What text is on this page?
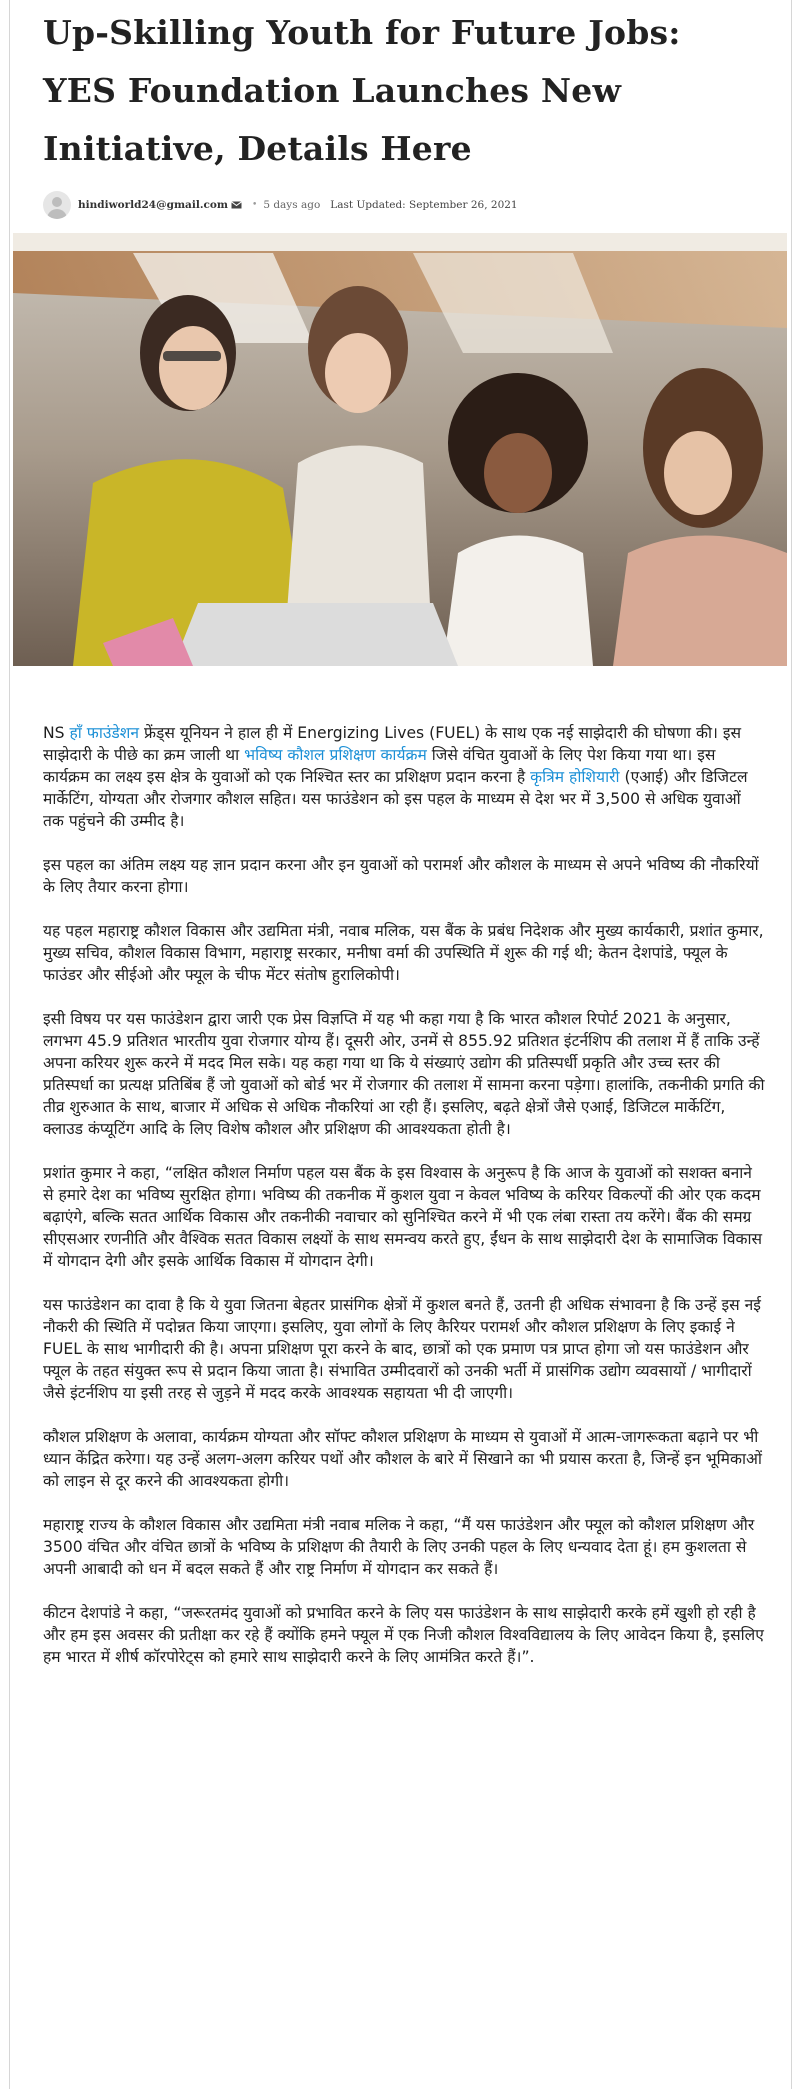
Up-Skilling Youth for Future Jobs: YES Foundation Launches New Initiative, Details Here
hindiworld24@gmail.com	• 5 days ago Last Updated: September 26, 2021

NS हाँ फाउंडेशन फ्रेंड्स यूनियन ने हाल ही में Energizing Lives (FUEL) के साथ एक नई साझेदारी की घोषणा की। इस साझेदारी के पीछे का क्रम जाली था भविष्य कौशल प्रशिक्षण कार्यक्रम जिसे वंचित युवाओं के लिए पेश किया गया था। इस कार्यक्रम का लक्ष्य इस क्षेत्र के युवाओं को एक निश्चित स्तर का प्रशिक्षण प्रदान करना है कृत्रिम होशियारी (एआई) और डिजिटल मार्केटिंग, योग्यता और रोजगार कौशल सहित। यस फाउंडेशन को इस पहल के माध्यम से देश भर में 3,500 से अधिक युवाओं तक पहुंचने की उम्मीद है।

इस पहल का अंतिम लक्ष्य यह ज्ञान प्रदान करना और इन युवाओं को परामर्श और कौशल के माध्यम से अपने भविष्य की नौकरियों के लिए तैयार करना होगा।

यह पहल महाराष्ट्र कौशल विकास और उद्यमिता मंत्री, नवाब मलिक, यस बैंक के प्रबंध निदेशक और मुख्य कार्यकारी, प्रशांत कुमार, मुख्य सचिव, कौशल विकास विभाग, महाराष्ट्र सरकार, मनीषा वर्मा की उपस्थिति में शुरू की गई थी; केतन देशपांडे, फ्यूल के फाउंडर और सीईओ और फ्यूल के चीफ मेंटर संतोष हुरालिकोपी।

इसी विषय पर यस फाउंडेशन द्वारा जारी एक प्रेस विज्ञप्ति में यह भी कहा गया है कि भारत कौशल रिपोर्ट 2021 के अनुसार, लगभग 45.9 प्रतिशत भारतीय युवा रोजगार योग्य हैं। दूसरी ओर, उनमें से 855.92 प्रतिशत इंटर्नशिप की तलाश में हैं ताकि उन्हें अपना करियर शुरू करने में मदद मिल सके। यह कहा गया था कि ये संख्याएं उद्योग की प्रतिस्पर्धी प्रकृति और उच्च स्तर की प्रतिस्पर्धा का प्रत्यक्ष प्रतिबिंब हैं जो युवाओं को बोर्ड भर में रोजगार की तलाश में सामना करना पड़ेगा। हालांकि, तकनीकी प्रगति की तीव्र शुरुआत के साथ, बाजार में अधिक से अधिक नौकरियां आ रही हैं। इसलिए, बढ़ते क्षेत्रों जैसे एआई, डिजिटल मार्केटिंग, क्लाउड कंप्यूटिंग आदि के लिए विशेष कौशल और प्रशिक्षण की आवश्यकता होती है।

प्रशांत कुमार ने कहा, “लक्षित कौशल निर्माण पहल यस बैंक के इस विश्वास के अनुरूप है कि आज के युवाओं को सशक्त बनाने से हमारे देश का भविष्य सुरक्षित होगा। भविष्य की तकनीक में कुशल युवा न केवल भविष्य के करियर विकल्पों की ओर एक कदम बढ़ाएंगे, बल्कि सतत आर्थिक विकास और तकनीकी नवाचार को सुनिश्चित करने में भी एक लंबा रास्ता तय करेंगे। बैंक की समग्र सीएसआर रणनीति और वैश्विक सतत विकास लक्ष्यों के साथ समन्वय करते हुए, ईंधन के साथ साझेदारी देश के सामाजिक विकास में योगदान देगी और इसके आर्थिक विकास में योगदान देगी।

यस फाउंडेशन का दावा है कि ये युवा जितना बेहतर प्रासंगिक क्षेत्रों में कुशल बनते हैं, उतनी ही अधिक संभावना है कि उन्हें इस नई नौकरी की स्थिति में पदोन्नत किया जाएगा। इसलिए, युवा लोगों के लिए कैरियर परामर्श और कौशल प्रशिक्षण के लिए इकाई ने FUEL के साथ भागीदारी की है। अपना प्रशिक्षण पूरा करने के बाद, छात्रों को एक प्रमाण पत्र प्राप्त होगा जो यस फाउंडेशन और फ्यूल के तहत संयुक्त रूप से प्रदान किया जाता है। संभावित उम्मीदवारों को उनकी भर्ती में प्रासंगिक उद्योग व्यवसायों / भागीदारों जैसे इंटर्नशिप या इसी तरह से जुड़ने में मदद करके आवश्यक सहायता भी दी जाएगी।

कौशल प्रशिक्षण के अलावा, कार्यक्रम योग्यता और सॉफ्ट कौशल प्रशिक्षण के माध्यम से युवाओं में आत्म-जागरूकता बढ़ाने पर भी ध्यान केंद्रित करेगा। यह उन्हें अलग-अलग करियर पथों और कौशल के बारे में सिखाने का भी प्रयास करता है, जिन्हें इन भूमिकाओं को लाइन से दूर करने की आवश्यकता होगी।

महाराष्ट्र राज्य के कौशल विकास और उद्यमिता मंत्री नवाब मलिक ने कहा, “मैं यस फाउंडेशन और फ्यूल को कौशल प्रशिक्षण और 3500 वंचित और वंचित छात्रों के भविष्य के प्रशिक्षण की तैयारी के लिए उनकी पहल के लिए धन्यवाद देता हूं। हम कुशलता से अपनी आबादी को धन में बदल सकते हैं और राष्ट्र निर्माण में योगदान कर सकते हैं।

कीटन देशपांडे ने कहा, “जरूरतमंद युवाओं को प्रभावित करने के लिए यस फाउंडेशन के साथ साझेदारी करके हमें खुशी हो रही है और हम इस अवसर की प्रतीक्षा कर रहे हैं क्योंकि हमने फ्यूल में एक निजी कौशल विश्वविद्यालय के लिए आवेदन किया है, इसलिए हम भारत में शीर्ष कॉरपोरेट्स को हमारे साथ साझेदारी करने के लिए आमंत्रित करते हैं।”.
